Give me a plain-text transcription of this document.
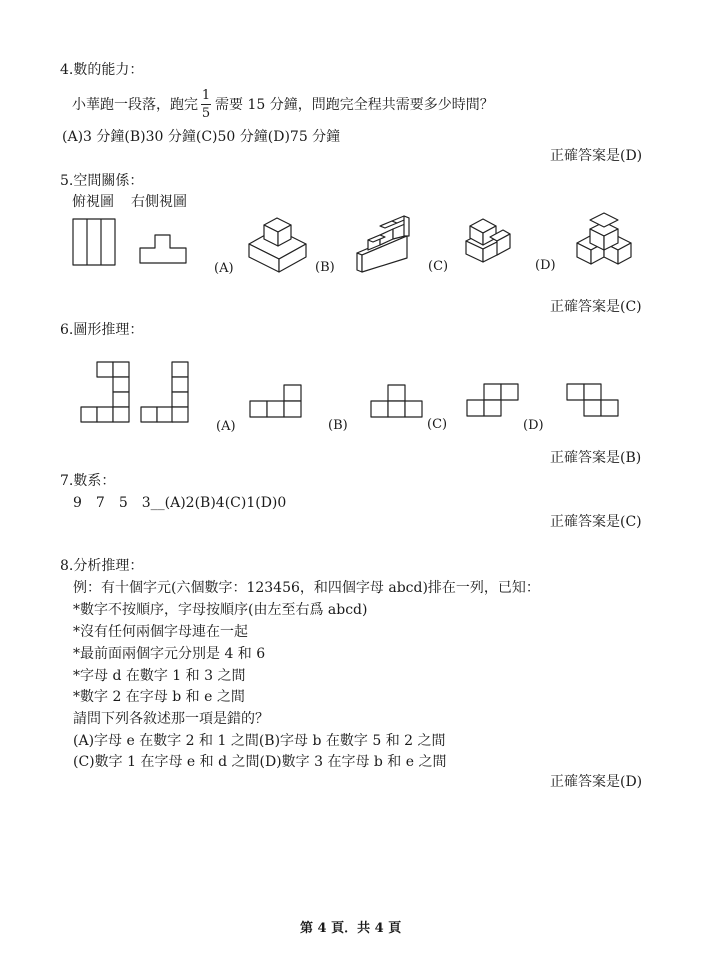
4.數的能力：
小華跑一段落，跑完
1
5
需要 15 分鐘，問跑完全程共需要多少時間？
(A)3 分鐘(B)30 分鐘(C)50 分鐘(D)75 分鐘
正確答案是(D)
5.空間關係：
俯視圖 右側視圖
(A)	(B)	(C)	(D)
正確答案是(C)
6.圖形推理：
(A)	(B)	(C)	(D)
正確答案是(B)
7.數系：
9　7　5　3__(A)2(B)4(C)1(D)0
正確答案是(C)
8.分析推理：
例：有十個字元(六個數字：123456，和四個字母 abcd)排在一列，已知：
*數字不按順序，字母按順序(由左至右爲 abcd)
*沒有任何兩個字母連在一起
*最前面兩個字元分別是 4 和 6
*字母 d 在數字 1 和 3 之間
*數字 2 在字母 b 和 e 之間
請問下列各敘述那一項是錯的？
(A)字母 e 在數字 2 和 1 之間(B)字母 b 在數字 5 和 2 之間
(C)數字 1 在字母 e 和 d 之間(D)數字 3 在字母 b 和 e 之間
正確答案是(D)
第 4 頁．共 4 頁
